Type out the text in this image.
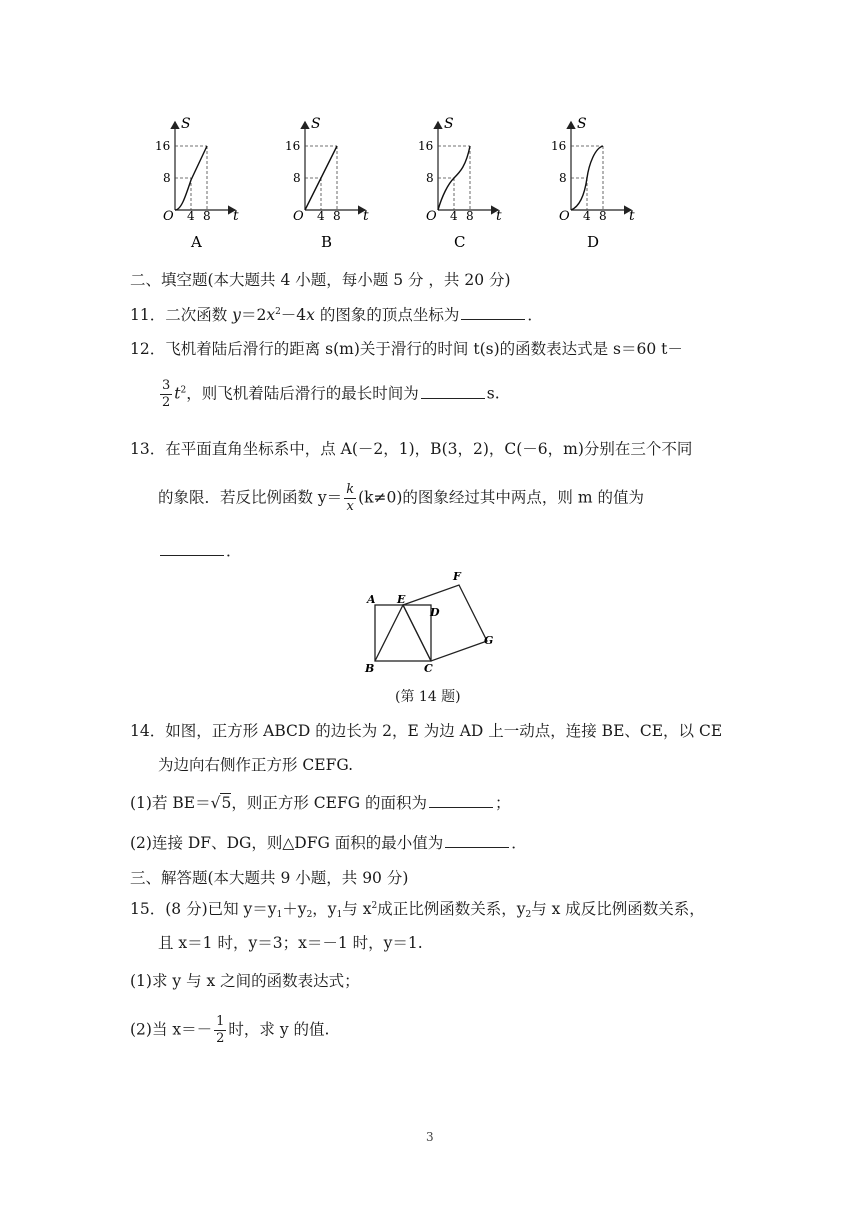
S
t
O
16
8
4 8
A
S
t
O
16
8
4 8
B
S
t
O
16
8
4 8
C
S
t
O
16
8
4 8
D
二、填空题(本大题共 4 小题，每小题 5 分 ，共 20 分)
11．二次函数 $y=2x^2-4x$ 的图象的顶点坐标为	．
12．飞机着陆后滑行的距离 s(m)关于滑行的时间 t(s)的函数表达式是 s＝60 t－
$\frac{3}{2} t^2$，则飞机着陆后滑行的最长时间为	s.
13．在平面直角坐标系中，点 A(－2，1)，B(3，2)，C(－6，m)分别在三个不同
的象限．若反比例函数 $y= \frac{k}{x} (k\ne 0)$的图象经过其中两点，则 m 的值为
．
A E
D
F
G
B	C
(第 14 题)
14．如图，正方形 ABCD 的边长为 2，E 为边 AD 上一动点，连接 BE、CE，以 CE
为边向右侧作正方形 CEFG.
(1)若 BE＝√5，则正方形 CEFG 的面积为	；
(2)连接 DF、DG，则△DFG 面积的最小值为	．
三、解答题(本大题共 9 小题，共 90 分)
15．(8 分)已知 $y=y_1+y_2$，$y_1$与 $x^2$成正比例函数关系，$y_2$与 x 成反比例函数关系，
且 x＝1 时，y＝3；x＝－1 时，y＝1.
(1)求 y 与 x 之间的函数表达式；
(2)当 $x=- \frac{1}{2}$ 时，求 y 的值.
3
